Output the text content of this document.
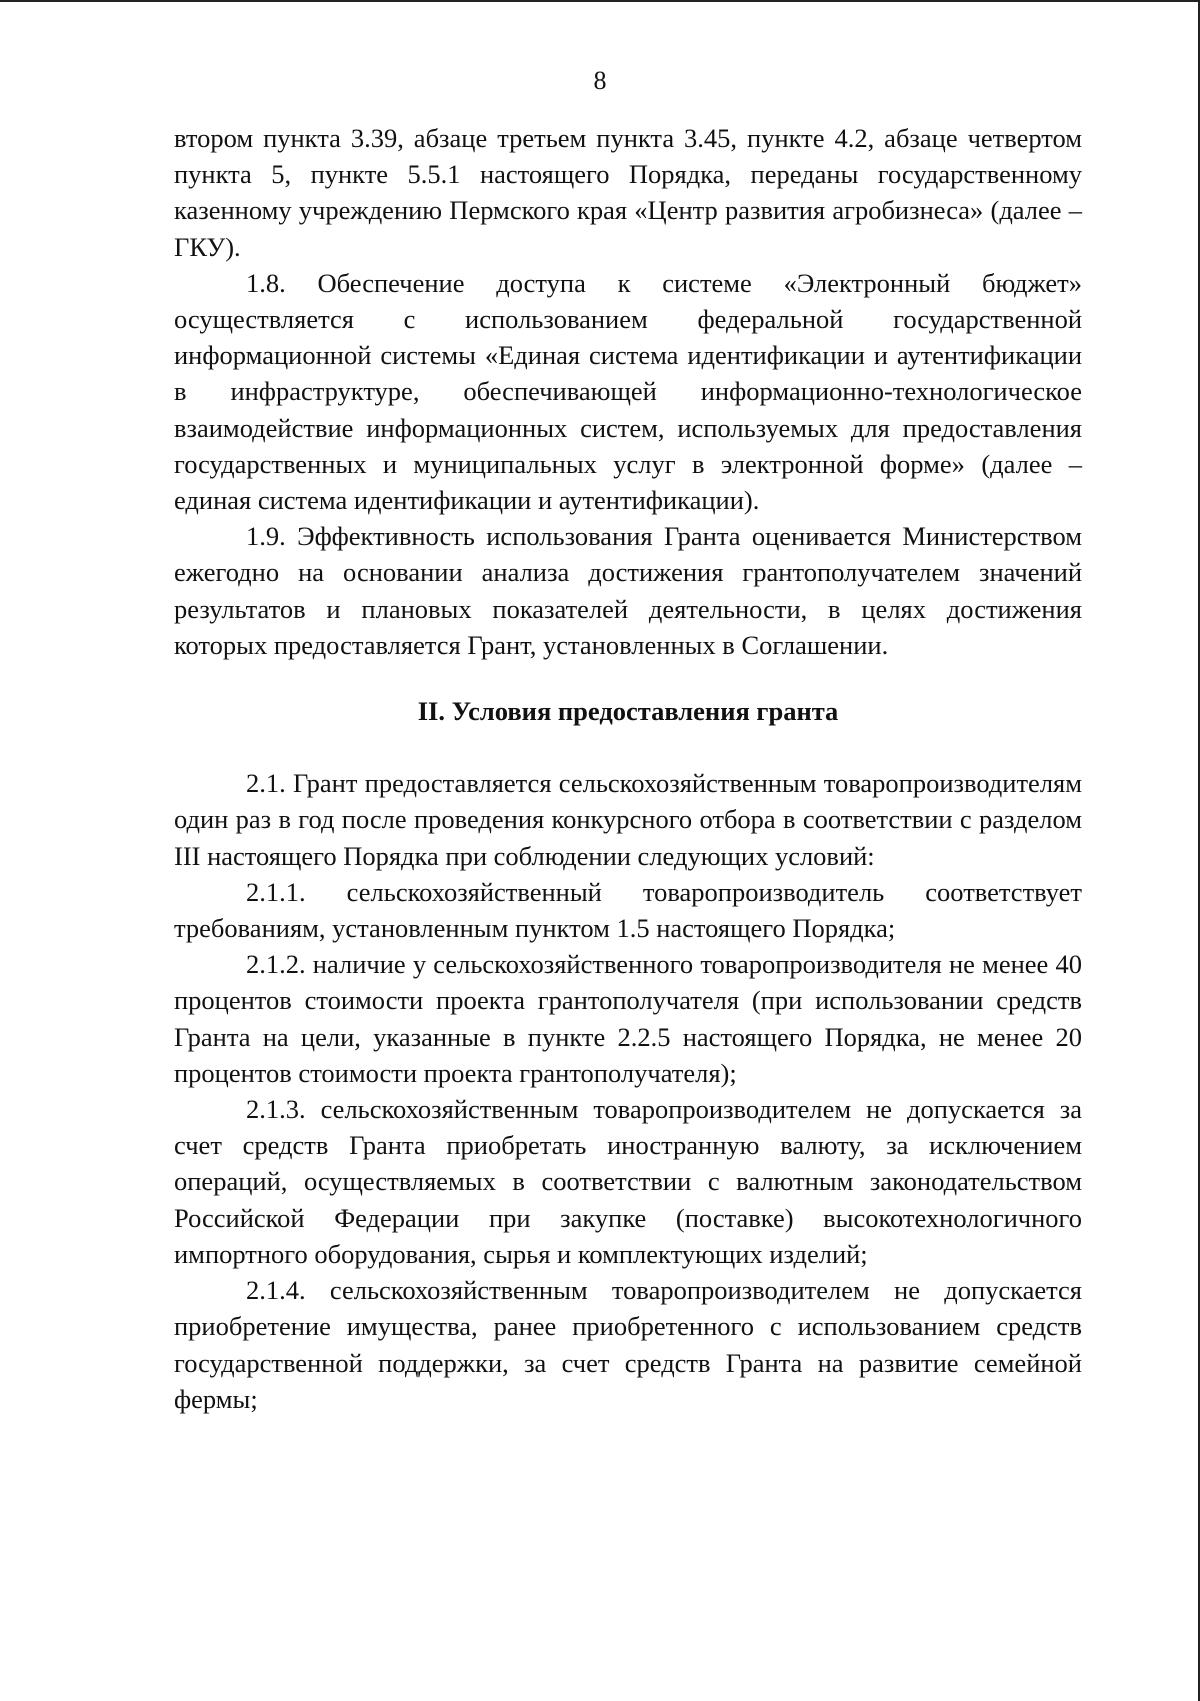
8

втором пункта 3.39, абзаце третьем пункта 3.45, пункте 4.2, абзаце четвертом пункта 5, пункте 5.5.1 настоящего Порядка, переданы государственному казенному учреждению Пермского края «Центр развития агробизнеса» (далее – ГКУ).

1.8. Обеспечение доступа к системе «Электронный бюджет» осуществляется с использованием федеральной государственной информационной системы «Единая система идентификации и аутентификации в инфраструктуре, обеспечивающей информационно-технологическое взаимодействие информационных систем, используемых для предоставления государственных и муниципальных услуг в электронной форме» (далее – единая система идентификации и аутентификации).

1.9. Эффективность использования Гранта оценивается Министерством ежегодно на основании анализа достижения грантополучателем значений результатов и плановых показателей деятельности, в целях достижения которых предоставляется Грант, установленных в Соглашении.

II. Условия предоставления гранта

2.1. Грант предоставляется сельскохозяйственным товаропроизводителям один раз в год после проведения конкурсного отбора в соответствии с разделом III настоящего Порядка при соблюдении следующих условий:

2.1.1. сельскохозяйственный товаропроизводитель соответствует требованиям, установленным пунктом 1.5 настоящего Порядка;

2.1.2. наличие у сельскохозяйственного товаропроизводителя не менее 40 процентов стоимости проекта грантополучателя (при использовании средств Гранта на цели, указанные в пункте 2.2.5 настоящего Порядка, не менее 20 процентов стоимости проекта грантополучателя);

2.1.3. сельскохозяйственным товаропроизводителем не допускается за счет средств Гранта приобретать иностранную валюту, за исключением операций, осуществляемых в соответствии с валютным законодательством Российской Федерации при закупке (поставке) высокотехнологичного импортного оборудования, сырья и комплектующих изделий;

2.1.4. сельскохозяйственным товаропроизводителем не допускается приобретение имущества, ранее приобретенного с использованием средств государственной поддержки, за счет средств Гранта на развитие семейной фермы;
